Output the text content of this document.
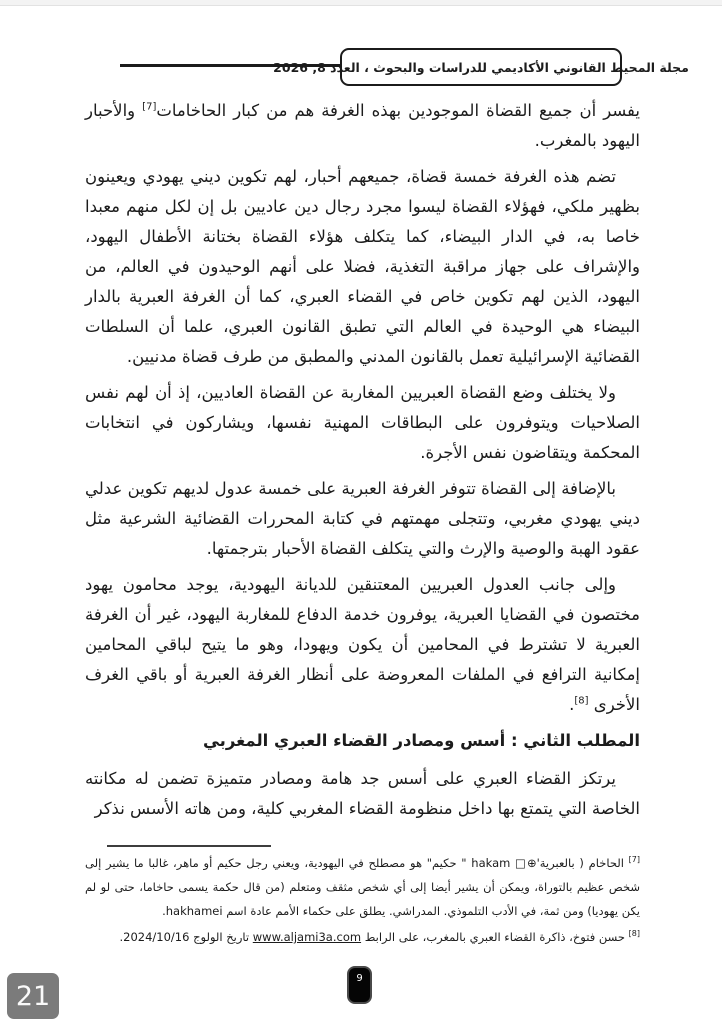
مجلة المحيط القانوني الأكاديمي للدراسات والبحوث ، العدد 8, 2026

يفسر أن جميع القضاة الموجودين بهذه الغرفة هم من كبار الحاخامات[7] والأحبار اليهود بالمغرب.

تضم هذه الغرفة خمسة قضاة، جميعهم أحبار، لهم تكوين ديني يهودي ويعينون بظهير ملكي، فهؤلاء القضاة ليسوا مجرد رجال دين عاديين بل إن لكل منهم معبدا خاصا به، في الدار البيضاء، كما يتكلف هؤلاء القضاة بختانة الأطفال اليهود، والإشراف على جهاز مراقبة التغذية، فضلا على أنهم الوحيدون في العالم، من اليهود، الذين لهم تكوين خاص في القضاء العبري، كما أن الغرفة العبرية بالدار البيضاء هي الوحيدة في العالم التي تطبق القانون العبري، علما أن السلطات القضائية الإسرائيلية تعمل بالقانون المدني والمطبق من طرف قضاة مدنيين.

ولا يختلف وضع القضاة العبريين المغاربة عن القضاة العاديين، إذ أن لهم نفس الصلاحيات ويتوفرون على البطاقات المهنية نفسها، ويشاركون في انتخابات المحكمة ويتقاضون نفس الأجرة.

بالإضافة إلى القضاة تتوفر الغرفة العبرية على خمسة عدول لديهم تكوين عدلي ديني يهودي مغربي، وتتجلى مهمتهم في كتابة المحررات القضائية الشرعية مثل عقود الهبة والوصية والإرث والتي يتكلف القضاة الأحبار بترجمتها.

وإلى جانب العدول العبريين المعتنقين للديانة اليهودية، يوجد محامون يهود مختصون في القضايا العبرية، يوفرون خدمة الدفاع للمغاربة اليهود، غير أن الغرفة العبرية لا تشترط في المحامين أن يكون ويهودا، وهو ما يتيح لباقي المحامين إمكانية الترافع في الملفات المعروضة على أنظار الغرفة العبرية أو باقي الغرف الأخرى [8].

المطلب الثاني : أسس ومصادر القضاء العبري المغربي

يرتكز القضاء العبري على أسس جد هامة ومصادر متميزة تضمن له مكانته الخاصة التي يتمتع بها داخل منظومة القضاء المغربي كلية، ومن هاته الأسس نذكر

[7] الحاخام ( بالعبرية'⊕□ hakam " حكيم" هو مصطلح في اليهودية، ويعني رجل حكيم أو ماهر، غالبا ما يشير إلى شخص عظيم بالتوراة، ويمكن أن يشير أيضا إلى أي شخص مثقف ومتعلم (من قال حكمة يسمى حاخاما، حتى لو لم يكن يهوديا) ومن ثمة، في الأدب التلموذي. المدراشي. يطلق على حكماء الأمم عادة اسم hakhamei.
[8] حسن فتوخ، ذاكرة القضاء العبري بالمغرب، على الرابط www.aljami3a.com تاريخ الولوج 2024/10/16.
9
21
